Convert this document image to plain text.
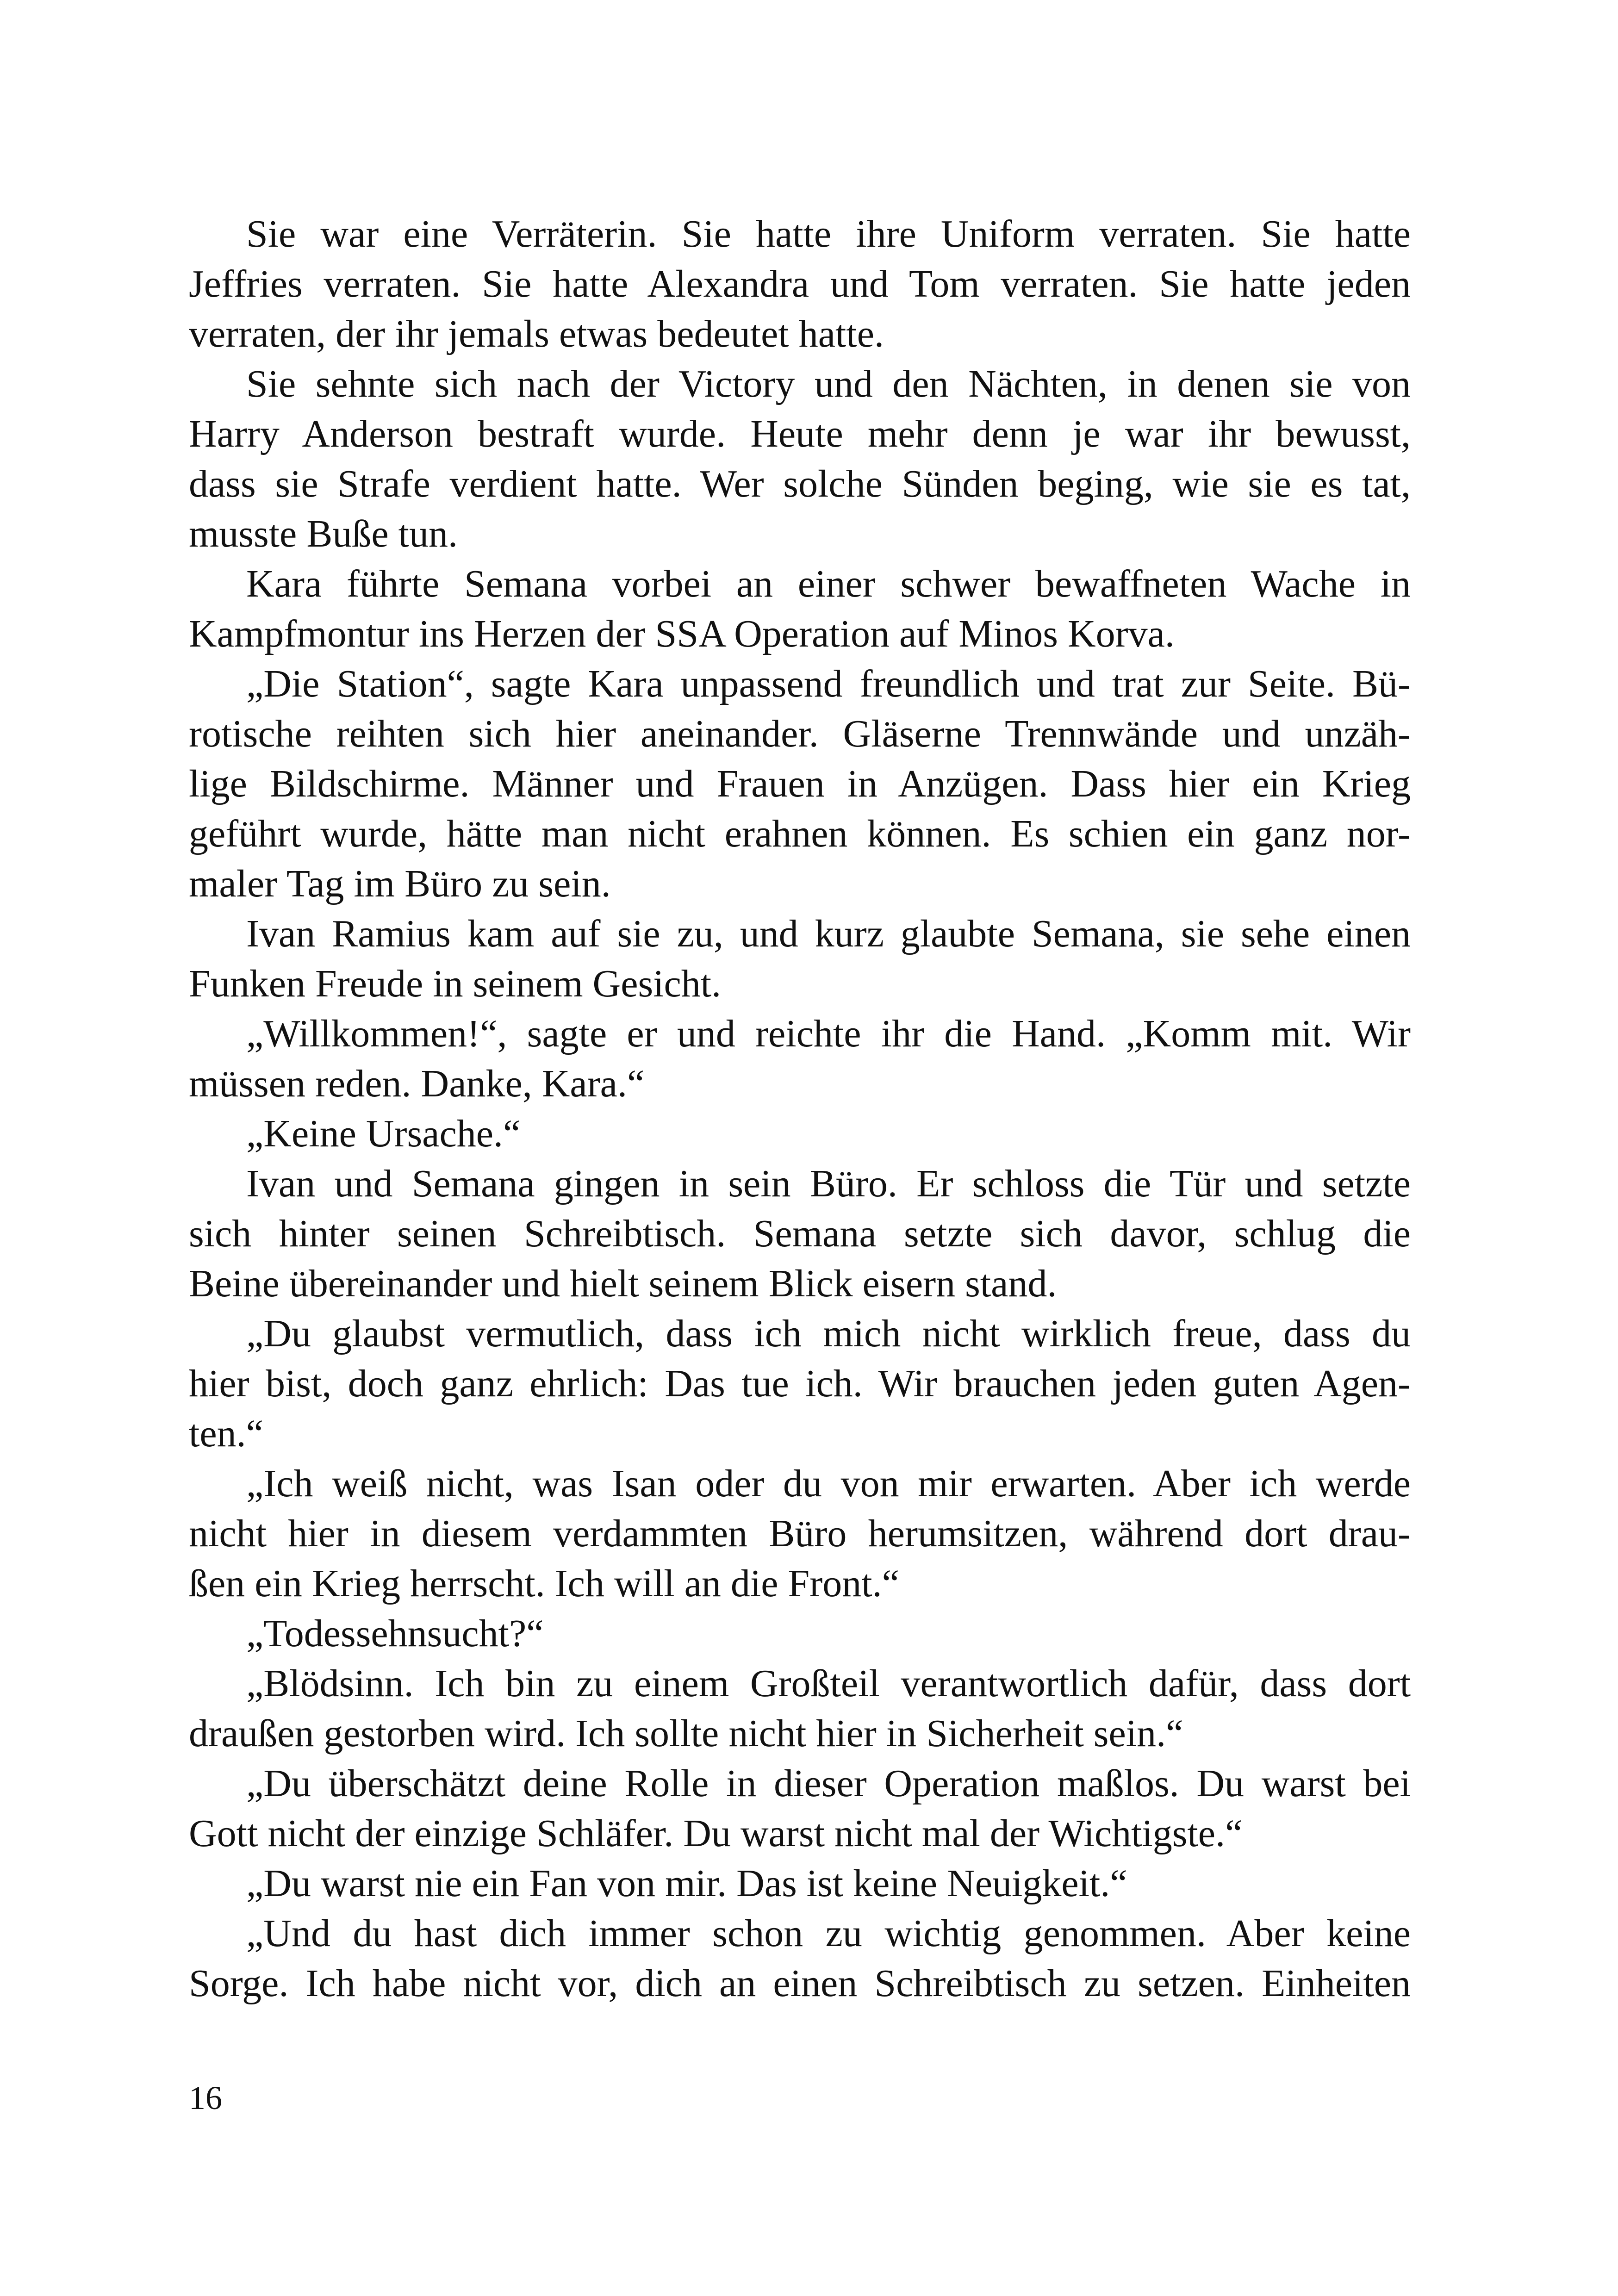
Sie war eine Verräterin. Sie hatte ihre Uniform verraten. Sie hatte
Jeffries verraten. Sie hatte Alexandra und Tom verraten. Sie hatte jeden
verraten, der ihr jemals etwas bedeutet hatte.
Sie sehnte sich nach der Victory und den Nächten, in denen sie von
Harry Anderson bestraft wurde. Heute mehr denn je war ihr bewusst,
dass sie Strafe verdient hatte. Wer solche Sünden beging, wie sie es tat,
musste Buße tun.
Kara führte Semana vorbei an einer schwer bewaffneten Wache in
Kampfmontur ins Herzen der SSA Operation auf Minos Korva.
„Die Station“, sagte Kara unpassend freundlich und trat zur Seite. Bü-
rotische reihten sich hier aneinander. Gläserne Trennwände und unzäh-
lige Bildschirme. Männer und Frauen in Anzügen. Dass hier ein Krieg
geführt wurde, hätte man nicht erahnen können. Es schien ein ganz nor-
maler Tag im Büro zu sein.
Ivan Ramius kam auf sie zu, und kurz glaubte Semana, sie sehe einen
Funken Freude in seinem Gesicht.
„Willkommen!“, sagte er und reichte ihr die Hand. „Komm mit. Wir
müssen reden. Danke, Kara.“
„Keine Ursache.“
Ivan und Semana gingen in sein Büro. Er schloss die Tür und setzte
sich hinter seinen Schreibtisch. Semana setzte sich davor, schlug die
Beine übereinander und hielt seinem Blick eisern stand.
„Du glaubst vermutlich, dass ich mich nicht wirklich freue, dass du
hier bist, doch ganz ehrlich: Das tue ich. Wir brauchen jeden guten Agen-
ten.“
„Ich weiß nicht, was Isan oder du von mir erwarten. Aber ich werde
nicht hier in diesem verdammten Büro herumsitzen, während dort drau-
ßen ein Krieg herrscht. Ich will an die Front.“
„Todessehnsucht?“
„Blödsinn. Ich bin zu einem Großteil verantwortlich dafür, dass dort
draußen gestorben wird. Ich sollte nicht hier in Sicherheit sein.“
„Du überschätzt deine Rolle in dieser Operation maßlos. Du warst bei
Gott nicht der einzige Schläfer. Du warst nicht mal der Wichtigste.“
„Du warst nie ein Fan von mir. Das ist keine Neuigkeit.“
„Und du hast dich immer schon zu wichtig genommen. Aber keine
Sorge. Ich habe nicht vor, dich an einen Schreibtisch zu setzen. Einheiten
16
